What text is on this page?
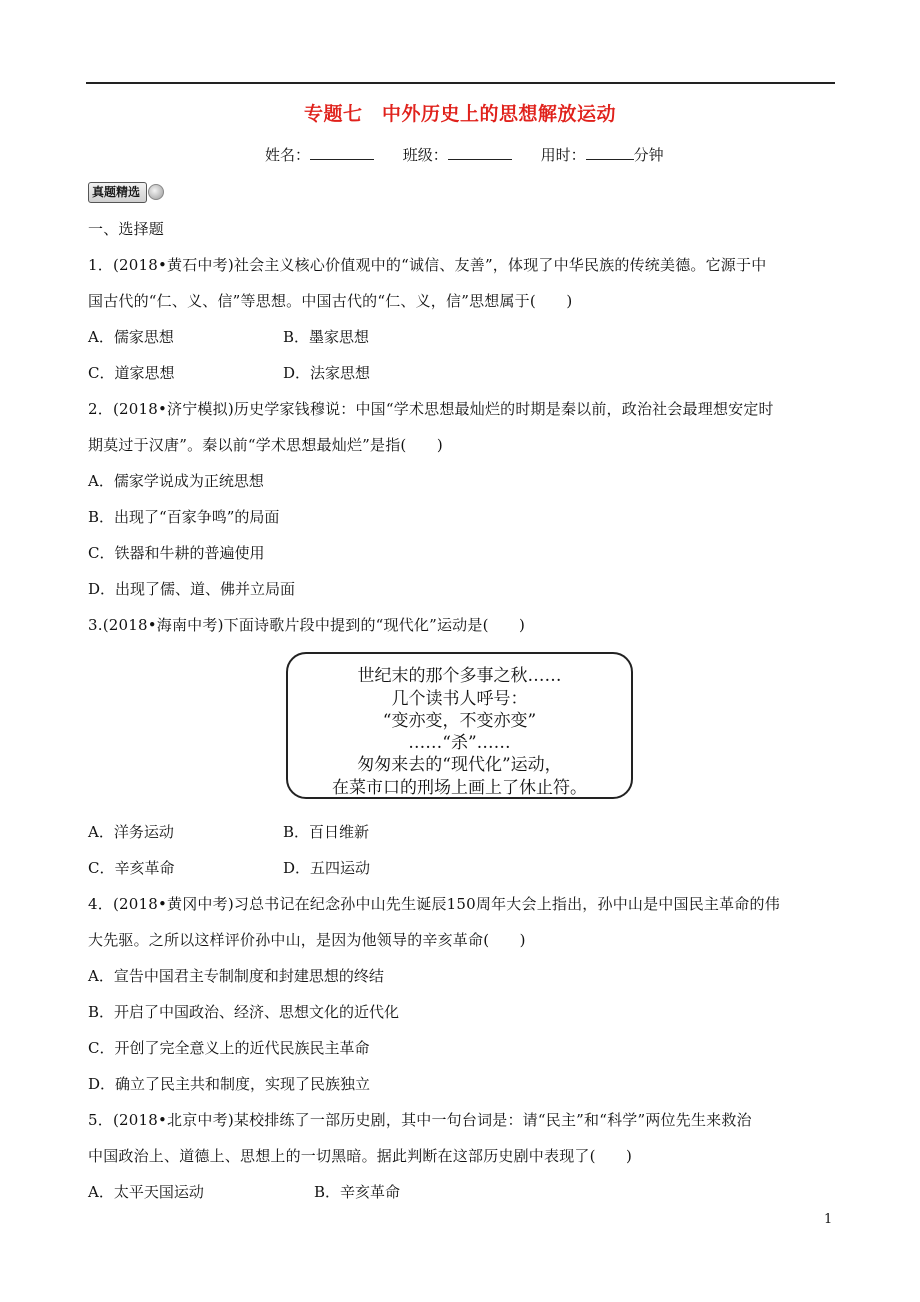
专题七　中外历史上的思想解放运动
姓名：	班级：	用时：	分钟
真题精选
一、选择题
1．(2018•黄石中考)社会主义核心价值观中的“诚信、友善”，体现了中华民族的传统美德。它源于中
国古代的“仁、义、信”等思想。中国古代的“仁、义，信”思想属于(　　)
A．儒家思想	B．墨家思想
C．道家思想	D．法家思想
2．(2018•济宁模拟)历史学家钱穆说：中国“学术思想最灿烂的时期是秦以前，政治社会最理想安定时
期莫过于汉唐”。秦以前“学术思想最灿烂”是指(　　)
A．儒家学说成为正统思想
B．出现了“百家争鸣”的局面
C．铁器和牛耕的普遍使用
D．出现了儒、道、佛并立局面
3.(2018•海南中考)下面诗歌片段中提到的“现代化”运动是(　　)
世纪末的那个多事之秋……
几个读书人呼号：
“变亦变，不变亦变”
……“杀”……
匆匆来去的“现代化”运动，
在菜市口的刑场上画上了休止符。
A．洋务运动	B．百日维新
C．辛亥革命	D．五四运动
4．(2018•黄冈中考)习总书记在纪念孙中山先生诞辰150周年大会上指出，孙中山是中国民主革命的伟
大先驱。之所以这样评价孙中山，是因为他领导的辛亥革命(　　)
A．宣告中国君主专制制度和封建思想的终结
B．开启了中国政治、经济、思想文化的近代化
C．开创了完全意义上的近代民族民主革命
D．确立了民主共和制度，实现了民族独立
5．(2018•北京中考)某校排练了一部历史剧，其中一句台词是：请“民主”和“科学”两位先生来救治
中国政治上、道德上、思想上的一切黑暗。据此判断在这部历史剧中表现了(　　)
A．太平天国运动	B．辛亥革命
1
